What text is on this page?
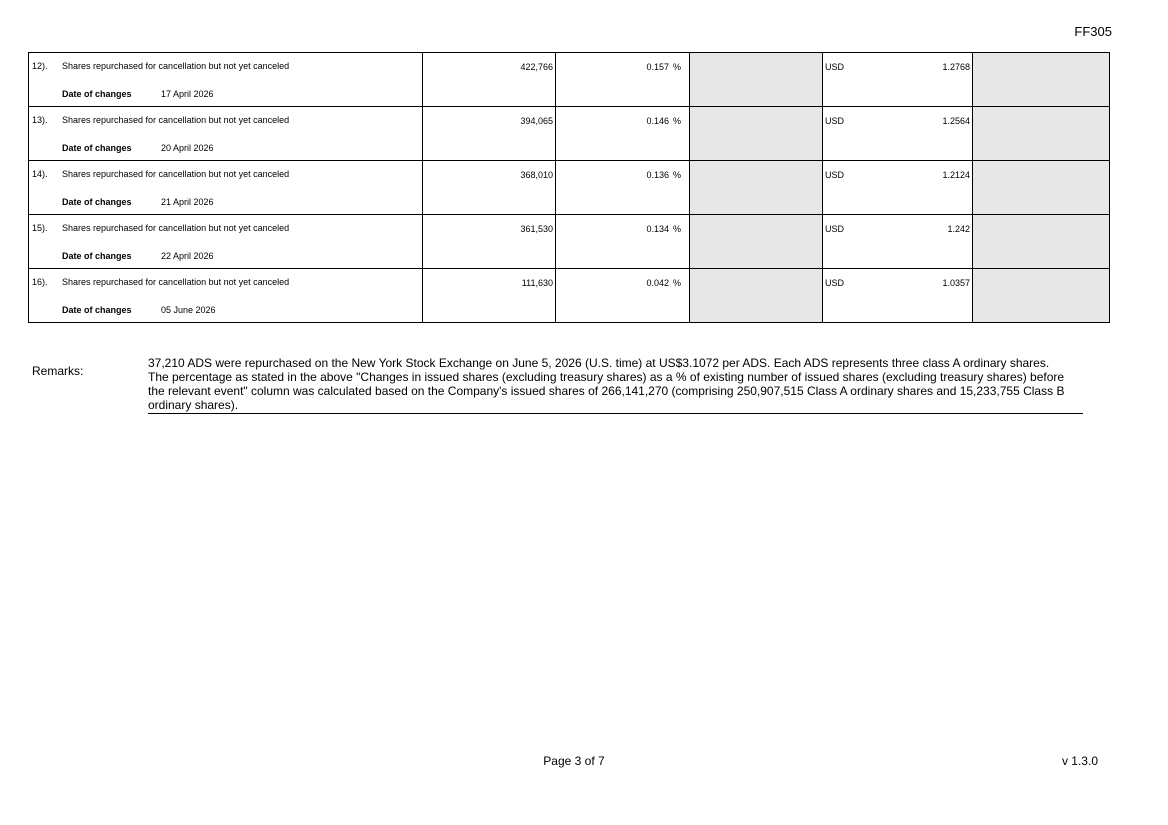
FF305
12). Shares repurchased for cancellation but not yet canceled
Date of changes 17 April 2026	422,766	0.157 %		USD 1.2768	

13). Shares repurchased for cancellation but not yet canceled
Date of changes 20 April 2026	394,065	0.146 %		USD 1.2564	

14). Shares repurchased for cancellation but not yet canceled
Date of changes 21 April 2026	368,010	0.136 %		USD 1.2124	

15). Shares repurchased for cancellation but not yet canceled
Date of changes 22 April 2026	361,530	0.134 %		USD 1.242	

16). Shares repurchased for cancellation but not yet canceled
Date of changes 05 June 2026	111,630	0.042 %		USD 1.0357	

Remarks:

37,210 ADS were repurchased on the New York Stock Exchange on June 5, 2026 (U.S. time) at US$3.1072 per ADS. Each ADS represents three class A ordinary shares.

The percentage as stated in the above "Changes in issued shares (excluding treasury shares) as a % of existing number of issued shares (excluding treasury shares) before the relevant event" column was calculated based on the Company's issued shares of 266,141,270 (comprising 250,907,515 Class A ordinary shares and 15,233,755 Class B ordinary shares).

Page 3 of 7	v 1.3.0
